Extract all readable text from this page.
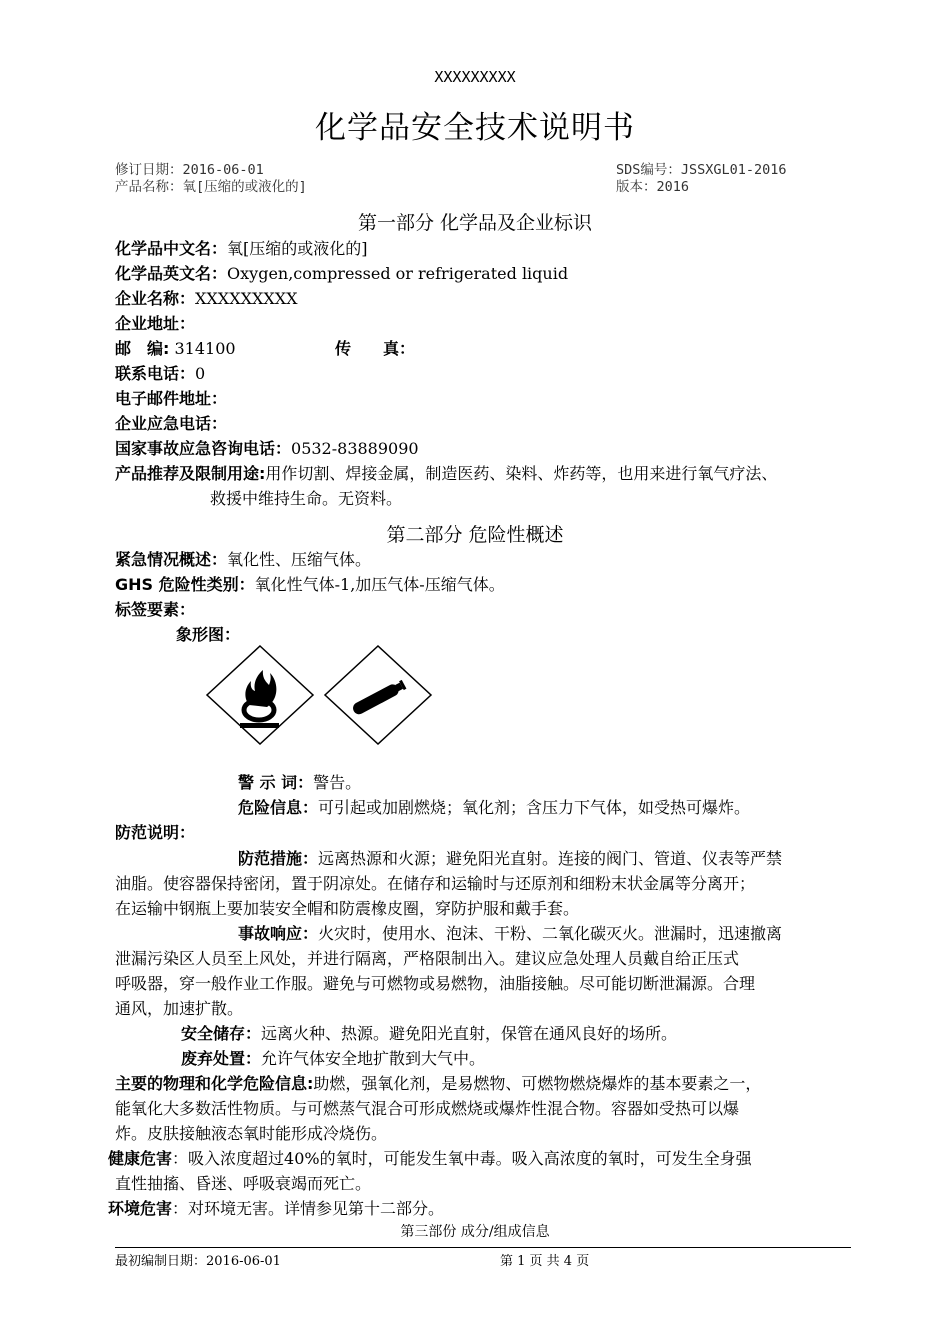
XXXXXXXXX
化学品安全技术说明书
修订日期：2016-06-01	SDS编号：JSSXGL01-2016
产品名称：氧[压缩的或液化的]	版本：2016
第一部分 化学品及企业标识
化学品中文名：氧[压缩的或液化的]
化学品英文名：Oxygen,compressed or refrigerated liquid
企业名称：XXXXXXXXX
企业地址：
邮　编: 314100	传　　真：
联系电话：0
电子邮件地址：
企业应急电话：
国家事故应急咨询电话：0532-83889090
产品推荐及限制用途:用作切割、焊接金属，制造医药、染料、炸药等，也用来进行氧气疗法、
救援中维持生命。无资料。
第二部分 危险性概述
紧急情况概述：氧化性、压缩气体。
GHS 危险性类别：氧化性气体-1,加压气体-压缩气体。
标签要素：
象形图：
警 示 词：警告。
危险信息：可引起或加剧燃烧；氧化剂；含压力下气体，如受热可爆炸。
防范说明：
防范措施：远离热源和火源；避免阳光直射。连接的阀门、管道、仪表等严禁
油脂。使容器保持密闭，置于阴凉处。在储存和运输时与还原剂和细粉末状金属等分离开；
在运输中钢瓶上要加装安全帽和防震橡皮圈，穿防护服和戴手套。
事故响应：火灾时，使用水、泡沫、干粉、二氧化碳灭火。泄漏时，迅速撤离
泄漏污染区人员至上风处，并进行隔离，严格限制出入。建议应急处理人员戴自给正压式
呼吸器，穿一般作业工作服。避免与可燃物或易燃物，油脂接触。尽可能切断泄漏源。合理
通风，加速扩散。
安全储存：远离火种、热源。避免阳光直射，保管在通风良好的场所。
废弃处置：允许气体安全地扩散到大气中。
主要的物理和化学危险信息:助燃，强氧化剂，是易燃物、可燃物燃烧爆炸的基本要素之一，
能氧化大多数活性物质。与可燃蒸气混合可形成燃烧或爆炸性混合物。容器如受热可以爆
炸。皮肤接触液态氧时能形成冷烧伤。
健康危害：吸入浓度超过40%的氧时，可能发生氧中毒。吸入高浓度的氧时，可发生全身强
直性抽搐、昏迷、呼吸衰竭而死亡。
环境危害：对环境无害。详情参见第十二部分。
第三部份 成分/组成信息
最初编制日期：2016-06-01	第 1 页 共 4 页
